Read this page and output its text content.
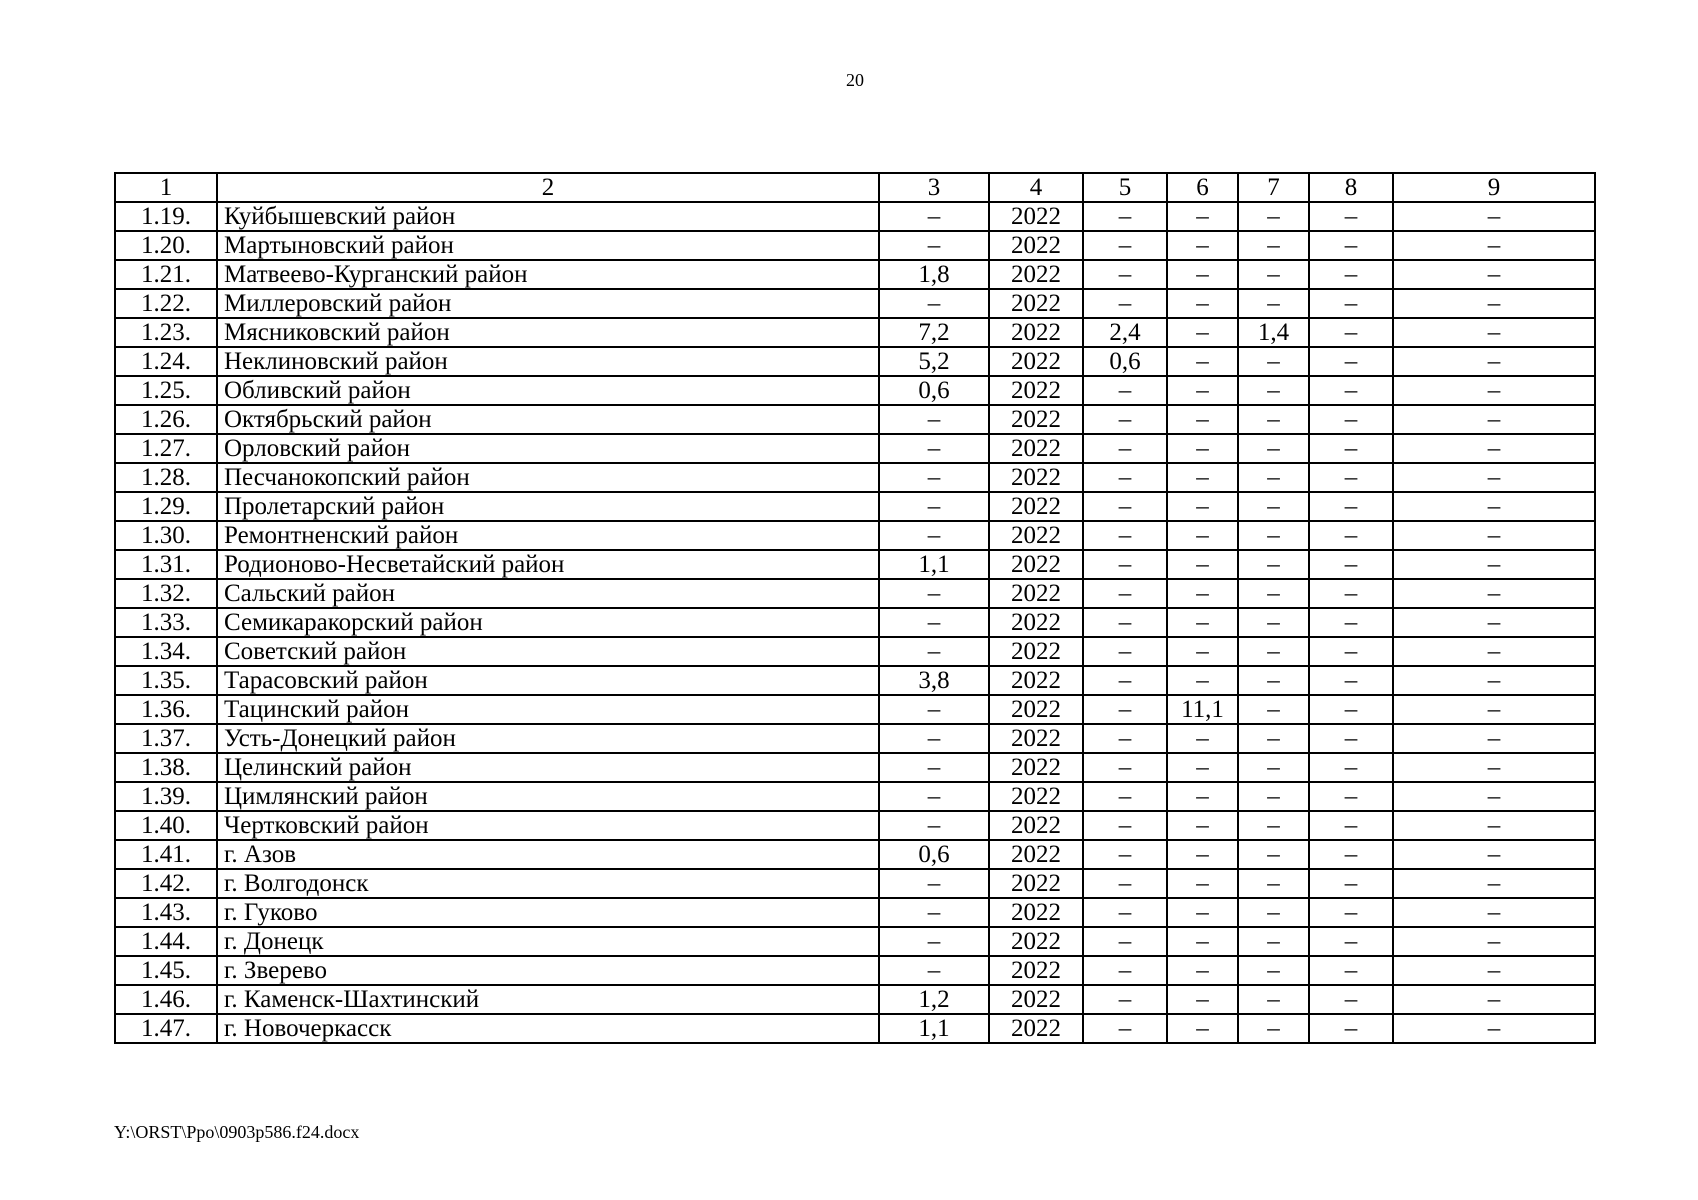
20
1	2	3	4	5	6	7	8	9
1.19.	Куйбышевский район	–	2022	–	–	–	–	–
1.20.	Мартыновский район	–	2022	–	–	–	–	–
1.21.	Матвеево-Курганский район	1,8	2022	–	–	–	–	–
1.22.	Миллеровский район	–	2022	–	–	–	–	–
1.23.	Мясниковский район	7,2	2022	2,4	–	1,4	–	–
1.24.	Неклиновский район	5,2	2022	0,6	–	–	–	–
1.25.	Обливский район	0,6	2022	–	–	–	–	–
1.26.	Октябрьский район	–	2022	–	–	–	–	–
1.27.	Орловский район	–	2022	–	–	–	–	–
1.28.	Песчанокопский район	–	2022	–	–	–	–	–
1.29.	Пролетарский район	–	2022	–	–	–	–	–
1.30.	Ремонтненский район	–	2022	–	–	–	–	–
1.31.	Родионово-Несветайский район	1,1	2022	–	–	–	–	–
1.32.	Сальский район	–	2022	–	–	–	–	–
1.33.	Семикаракорский район	–	2022	–	–	–	–	–
1.34.	Советский район	–	2022	–	–	–	–	–
1.35.	Тарасовский район	3,8	2022	–	–	–	–	–
1.36.	Тацинский район	–	2022	–	11,1	–	–	–
1.37.	Усть-Донецкий район	–	2022	–	–	–	–	–
1.38.	Целинский район	–	2022	–	–	–	–	–
1.39.	Цимлянский район	–	2022	–	–	–	–	–
1.40.	Чертковский район	–	2022	–	–	–	–	–
1.41.	г. Азов	0,6	2022	–	–	–	–	–
1.42.	г. Волгодонск	–	2022	–	–	–	–	–
1.43.	г. Гуково	–	2022	–	–	–	–	–
1.44.	г. Донецк	–	2022	–	–	–	–	–
1.45.	г. Зверево	–	2022	–	–	–	–	–
1.46.	г. Каменск-Шахтинский	1,2	2022	–	–	–	–	–
1.47.	г. Новочеркасск	1,1	2022	–	–	–	–	–
Y:\ORST\Ppo\0903p586.f24.docx
